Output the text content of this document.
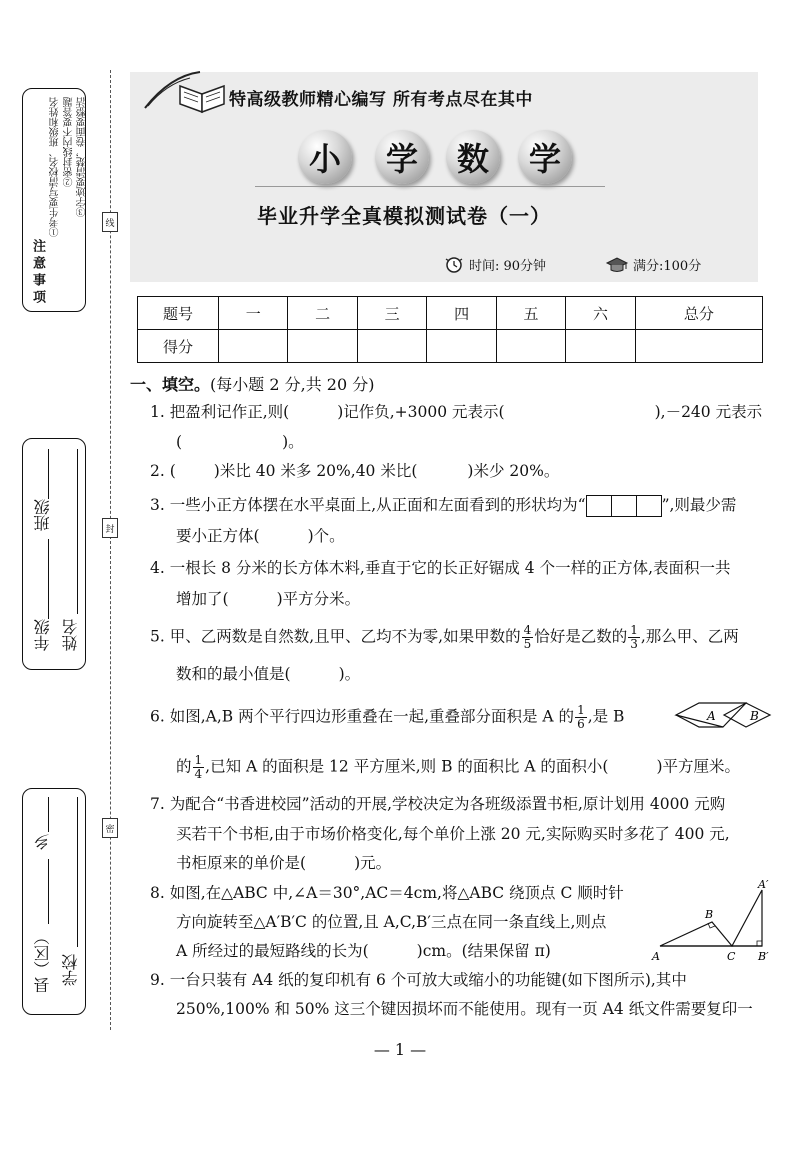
注意事项
①考生要写清校名、班级和姓名 ②密封线内不要答题 ③字迹要清楚，卷面要整洁
年级
班级
姓名
县（区）
乡
学校
线
封
密
特高级教师精心编写 所有考点尽在其中
小	学	数	学
毕业升学全真模拟测试卷（一）
时间: 90分钟	满分:100分
题号	一	二	三	四	五	六	总分
得分							
一、填空。(每小题 2 分,共 20 分)
1. 把盈利记作正,则(	)记作负,+3000 元表示(	),－240 元表示
(	)。
2. ( )米比 40 米多 20%,40 米比(	)米少 20%。
3. 一些小正方体摆在水平桌面上,从正面和左面看到的形状均为“	”,则最少需
要小正方体(	)个。
4. 一根长 8 分米的长方体木料,垂直于它的长正好锯成 4 个一样的正方体,表面积一共
增加了(	)平方分米。
5. 甲、乙两数是自然数,且甲、乙均不为零,如果甲数的 $\frac{4}{5}$ 恰好是乙数的 $\frac{1}{3}$ ,那么甲、乙两
数和的最小值是(	)。
6. 如图,A,B 两个平行四边形重叠在一起,重叠部分面积是 A 的 $\frac{1}{6}$ ,是 B	A	B
的 $\frac{1}{4}$ ,已知 A 的面积是 12 平方厘米,则 B 的面积比 A 的面积小(	)平方厘米。
7. 为配合“书香进校园”活动的开展,学校决定为各班级添置书柜,原计划用 4000 元购
买若干个书柜,由于市场价格变化,每个单价上涨 20 元,实际购买时多花了 400 元,
书柜原来的单价是(	)元。
8. 如图,在△ABC 中,∠A＝30°,AC＝4cm,将△ABC 绕顶点 C 顺时针
方向旋转至△A′B′C 的位置,且 A,C,B′三点在同一条直线上,则点
A 所经过的最短路线的长为(	)cm。(结果保留 π)	A
B
C
A′
B′
9. 一台只装有 A4 纸的复印机有 6 个可放大或缩小的功能键(如下图所示),其中
250%,100% 和 50% 这三个键因损坏而不能使用。现有一页 A4 纸文件需要复印一
— 1 —
